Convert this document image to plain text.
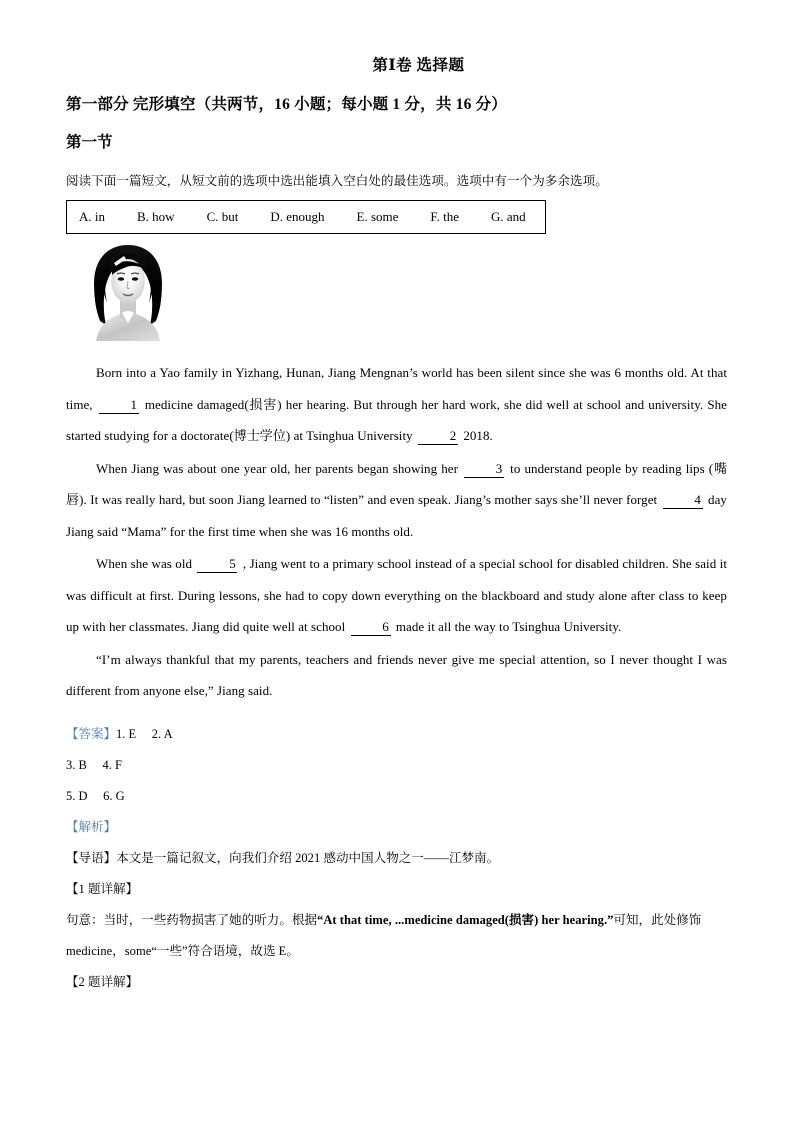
第Ⅰ卷 选择题
第一部分 完形填空（共两节，16 小题；每小题 1 分，共 16 分）
第一节
阅读下面一篇短文，从短文前的选项中选出能填入空白处的最佳选项。选项中有一个为多余选项。
A. in B. how C. but D. enough E. some F. the G. and

Born into a Yao family in Yizhang, Hunan, Jiang Mengnan’s world has been silent since she was 6 months old. At that time,	1 medicine damaged(损害) her hearing. But through her hard work, she did well at school and university. She started studying for a doctorate(博士学位) at Tsinghua University	2 2018.

When Jiang was about one year old, her parents began showing her	3 to understand people by reading lips (嘴唇). It was really hard, but soon Jiang learned to “listen” and even speak. Jiang’s mother says she’ll never forget	4 day Jiang said “Mama” for the first time when she was 16 months old.

When she was old	5 , Jiang went to a primary school instead of a special school for disabled children. She said it was difficult at first. During lessons, she had to copy down everything on the blackboard and study alone after class to keep up with her classmates. Jiang did quite well at school	6 made it all the way to Tsinghua University.

“I’m always thankful that my parents, teachers and friends never give me special attention, so I never thought I was different from anyone else,” Jiang said.

【答案】1. E     2. A

3. B     4. F

5. D     6. G

【解析】

【导语】本文是一篇记叙文，向我们介绍 2021 感动中国人物之一——江梦南。

【1 题详解】

句意：当时，一些药物损害了她的听力。根据“At that time, ...medicine damaged(损害) her hearing.”可知，此处修饰 medicine，some“一些”符合语境，故选 E。

【2 题详解】
